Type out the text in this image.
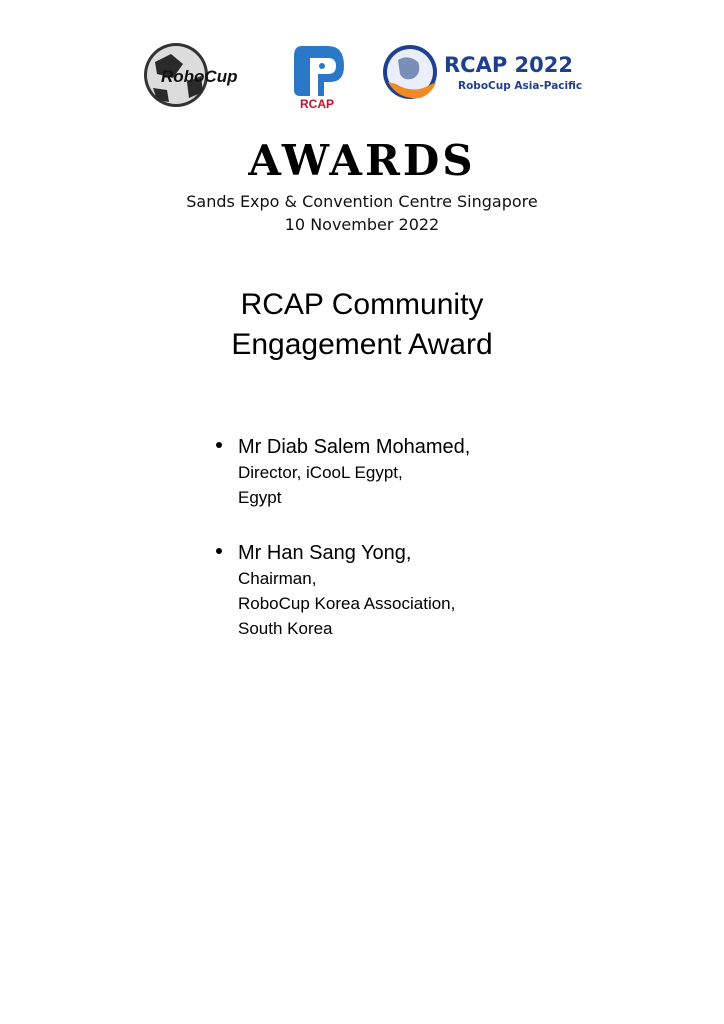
RoboCup
RCAP
RCAP 2022
RoboCup Asia-Pacific
AWARDS
Sands Expo & Convention Centre Singapore
10 November 2022
RCAP Community
Engagement Award
Mr Diab Salem Mohamed,
Director, iCooL Egypt,
Egypt
Mr Han Sang Yong,
Chairman,
RoboCup Korea Association,
South Korea
